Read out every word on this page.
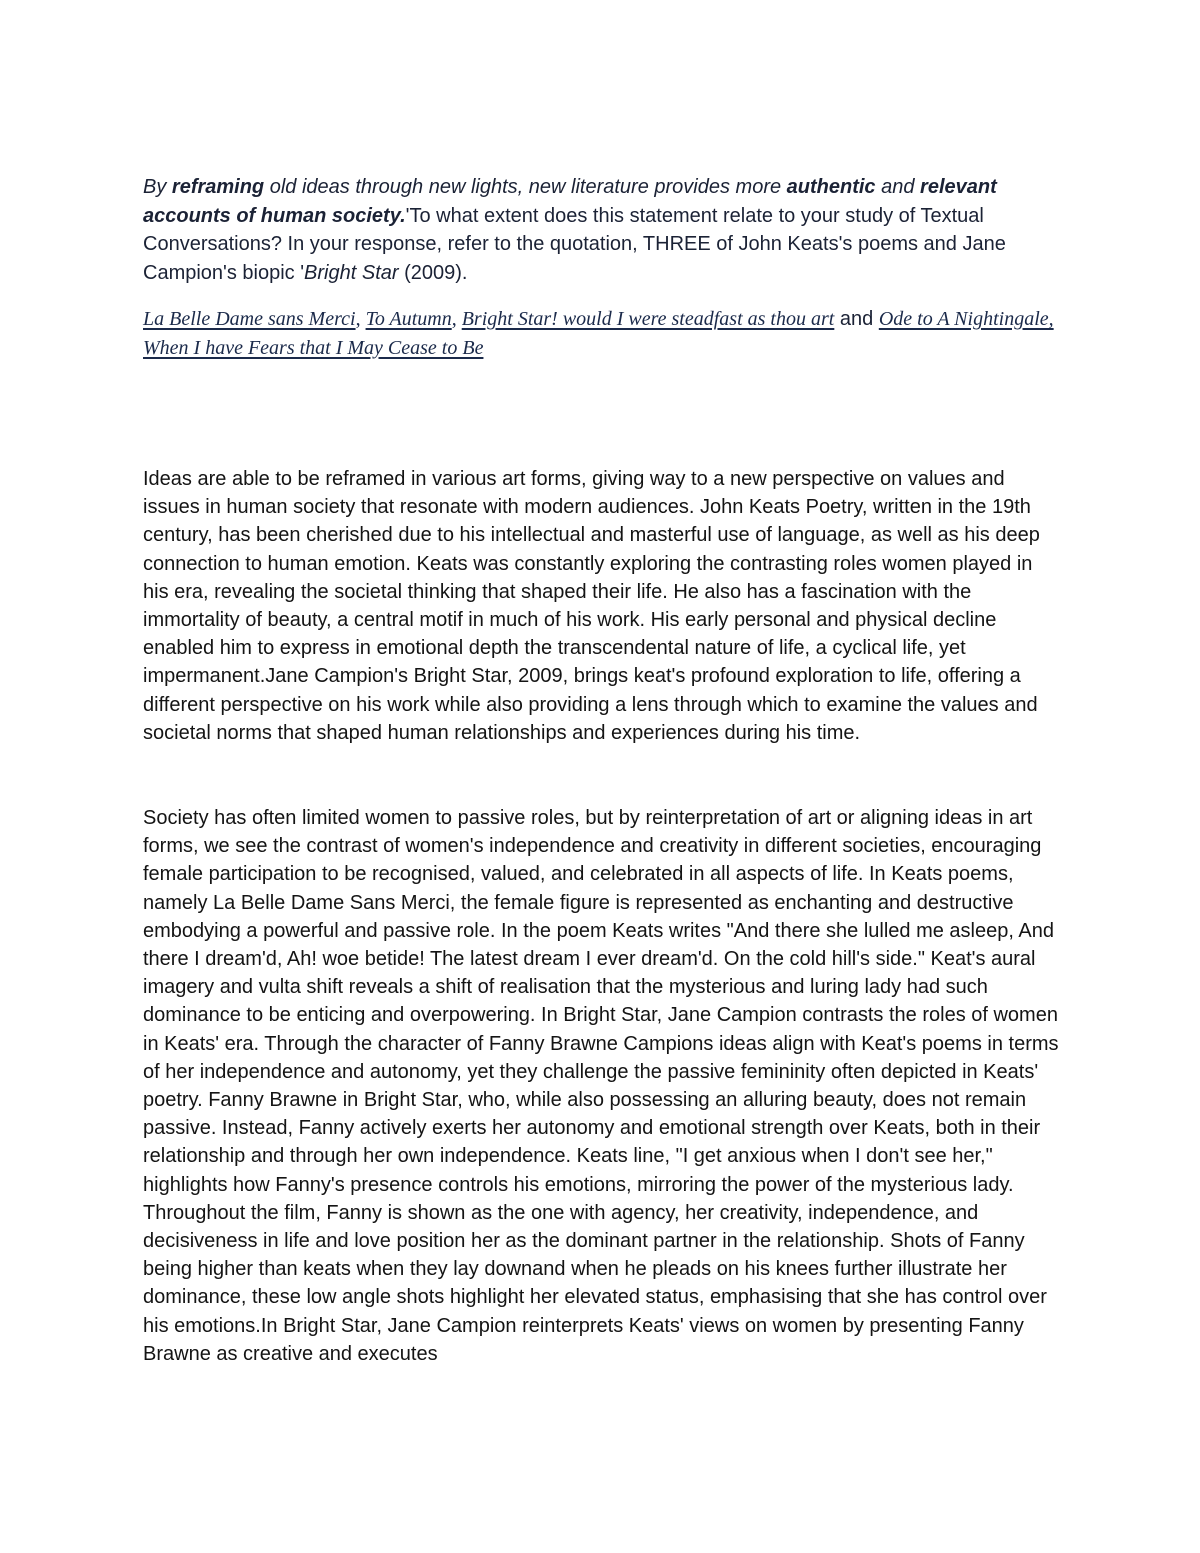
By reframing old ideas through new lights, new literature provides more authentic and relevant accounts of human society.'To what extent does this statement relate to your study of Textual Conversations? In your response, refer to the quotation, THREE of John Keats's poems and Jane Campion's biopic 'Bright Star (2009).

La Belle Dame sans Merci, To Autumn, Bright Star! would I were steadfast as thou art and Ode to A Nightingale, When I have Fears that I May Cease to Be

Ideas are able to be reframed in various art forms, giving way to a new perspective on values and issues in human society that resonate with modern audiences. John Keats Poetry, written in the 19th century, has been cherished due to his intellectual and masterful use of language, as well as his deep connection to human emotion. Keats was constantly exploring the contrasting roles women played in his era, revealing the societal thinking that shaped their life. He also has a fascination with the immortality of beauty, a central motif in much of his work. His early personal and physical decline enabled him to express in emotional depth the transcendental nature of life, a cyclical life, yet impermanent.Jane Campion's Bright Star, 2009, brings keat's profound exploration to life, offering a different perspective on his work while also providing a lens through which to examine the values and societal norms that shaped human relationships and experiences during his time.

Society has often limited women to passive roles, but by reinterpretation of art or aligning ideas in art forms, we see the contrast of women's independence and creativity in different societies, encouraging female participation to be recognised, valued, and celebrated in all aspects of life. In Keats poems, namely La Belle Dame Sans Merci, the female figure is represented as enchanting and destructive embodying a powerful and passive role. In the poem Keats writes "And there she lulled me asleep, And there I dream'd, Ah! woe betide! The latest dream I ever dream'd. On the cold hill's side." Keat's aural imagery and vulta shift reveals a shift of realisation that the mysterious and luring lady had such dominance to be enticing and overpowering. In Bright Star, Jane Campion contrasts the roles of women in Keats' era. Through the character of Fanny Brawne Campions ideas align with Keat's poems in terms of her independence and autonomy, yet they challenge the passive femininity often depicted in Keats' poetry. Fanny Brawne in Bright Star, who, while also possessing an alluring beauty, does not remain passive. Instead, Fanny actively exerts her autonomy and emotional strength over Keats, both in their relationship and through her own independence. Keats line, "I get anxious when I don't see her," highlights how Fanny's presence controls his emotions, mirroring the power of the mysterious lady. Throughout the film, Fanny is shown as the one with agency, her creativity, independence, and decisiveness in life and love position her as the dominant partner in the relationship. Shots of Fanny being higher than keats when they lay downand when he pleads on his knees further illustrate her dominance, these low angle shots highlight her elevated status, emphasising that she has control over his emotions.In Bright Star, Jane Campion reinterprets Keats' views on women by presenting Fanny Brawne as creative and executes
